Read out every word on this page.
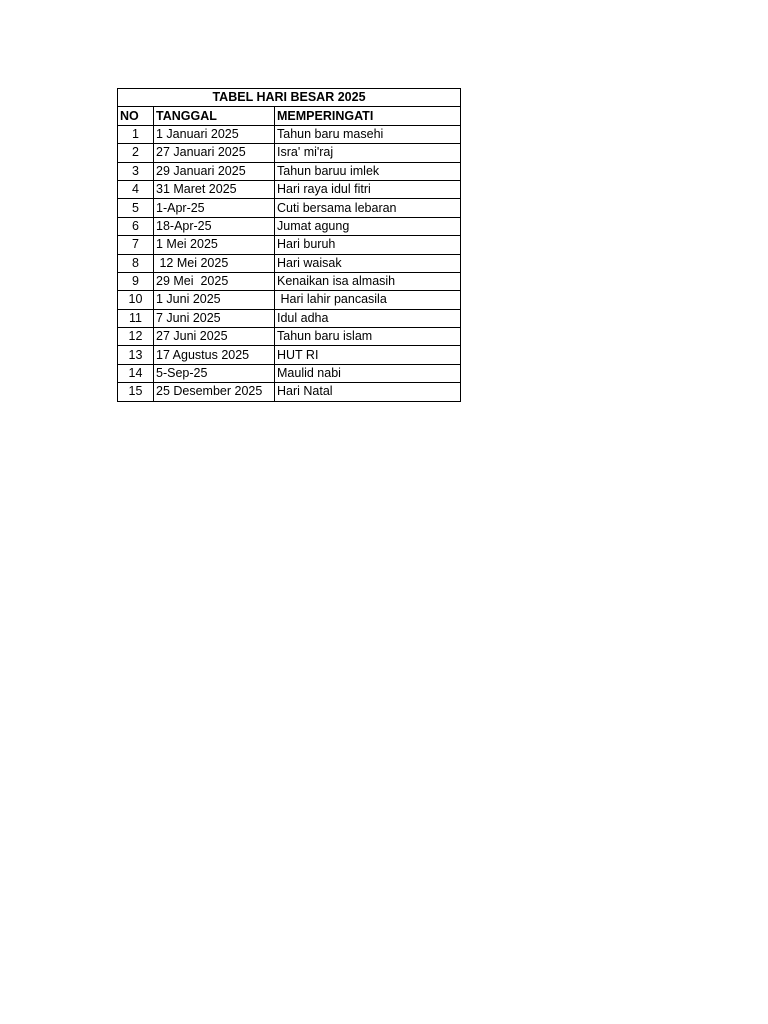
TABEL HARI BESAR 2025		
NO	TANGGAL	MEMPERINGATI
1	1 Januari 2025	Tahun baru masehi
2	27 Januari 2025	Isra' mi'raj
3	29 Januari 2025	Tahun baruu imlek
4	31 Maret 2025	Hari raya idul fitri
5	1-Apr-25	Cuti bersama lebaran
6	18-Apr-25	Jumat agung
7	1 Mei 2025	Hari buruh
8	12 Mei 2025	Hari waisak
9	29 Mei  2025	Kenaikan isa almasih
10	1 Juni 2025	Hari lahir pancasila
11	7 Juni 2025	Idul adha
12	27 Juni 2025	Tahun baru islam
13	17 Agustus 2025	HUT RI
14	5-Sep-25	Maulid nabi
15	25 Desember 2025	Hari Natal
